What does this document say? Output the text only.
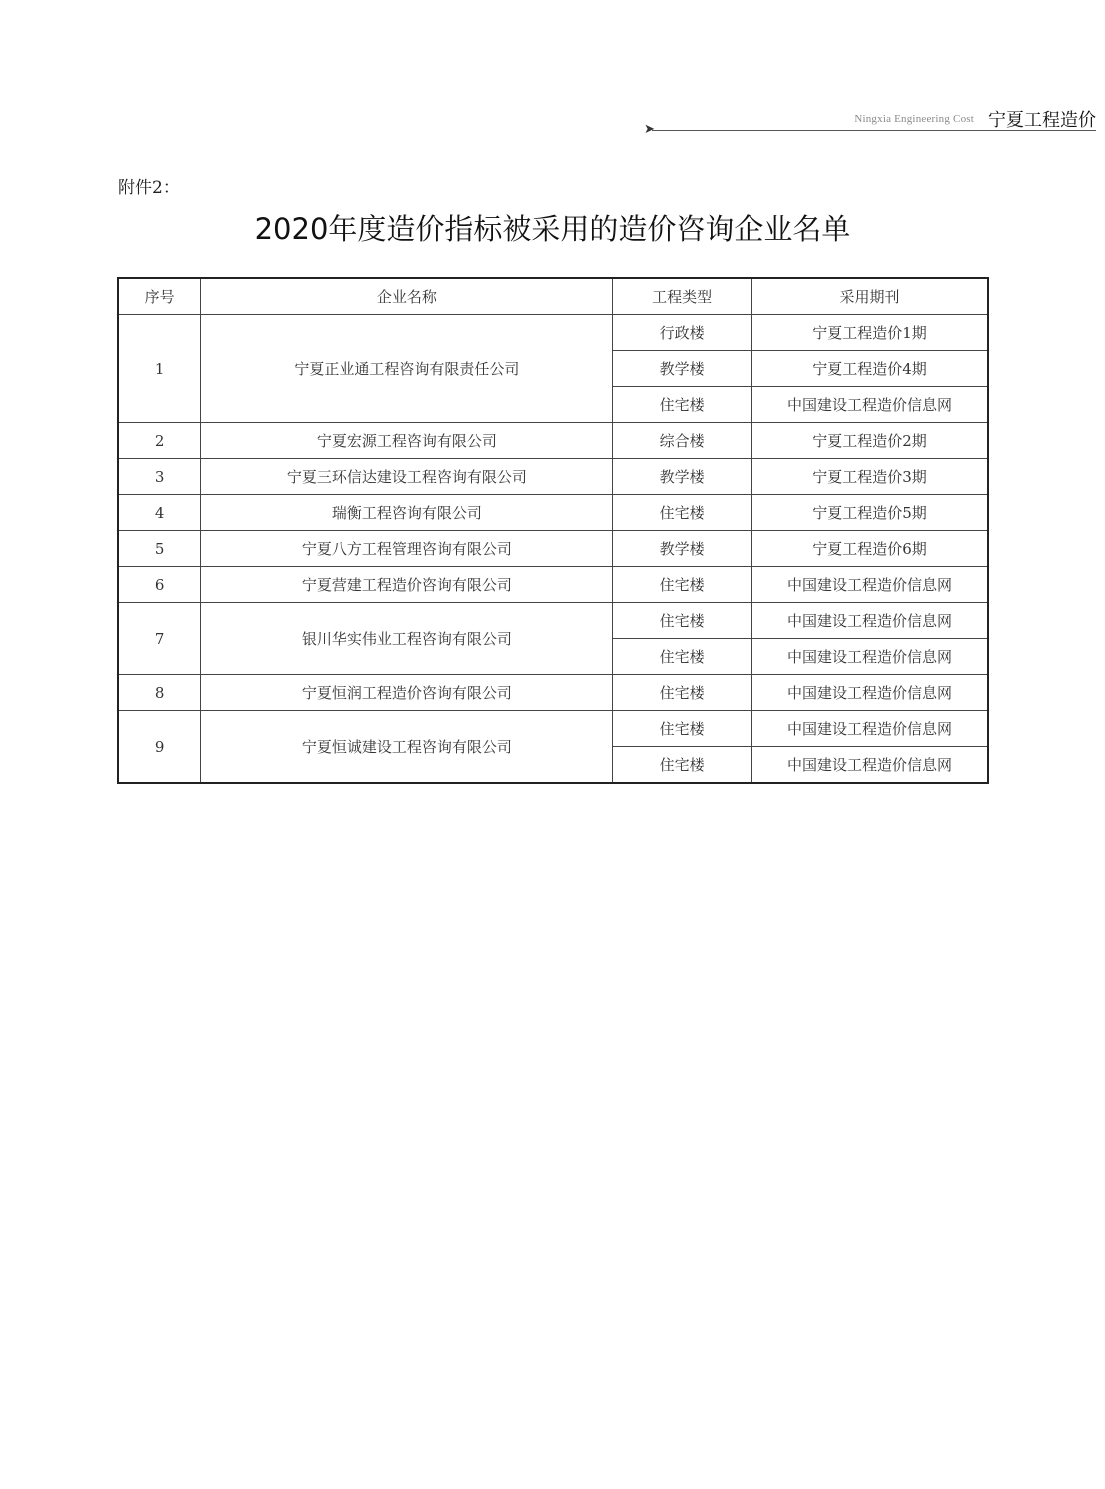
➤
Ningxia Engineering Cost 宁夏工程造价
附件2：
2020年度造价指标被采用的造价咨询企业名单
序号	企业名称	工程类型	采用期刊
1	宁夏正业通工程咨询有限责任公司	行政楼	宁夏工程造价1期
		教学楼	宁夏工程造价4期
		住宅楼	中国建设工程造价信息网
2	宁夏宏源工程咨询有限公司	综合楼	宁夏工程造价2期
3	宁夏三环信达建设工程咨询有限公司	教学楼	宁夏工程造价3期
4	瑞衡工程咨询有限公司	住宅楼	宁夏工程造价5期
5	宁夏八方工程管理咨询有限公司	教学楼	宁夏工程造价6期
6	宁夏营建工程造价咨询有限公司	住宅楼	中国建设工程造价信息网
7	银川华实伟业工程咨询有限公司	住宅楼	中国建设工程造价信息网
		住宅楼	中国建设工程造价信息网
8	宁夏恒润工程造价咨询有限公司	住宅楼	中国建设工程造价信息网
9	宁夏恒诚建设工程咨询有限公司	住宅楼	中国建设工程造价信息网
		住宅楼	中国建设工程造价信息网
